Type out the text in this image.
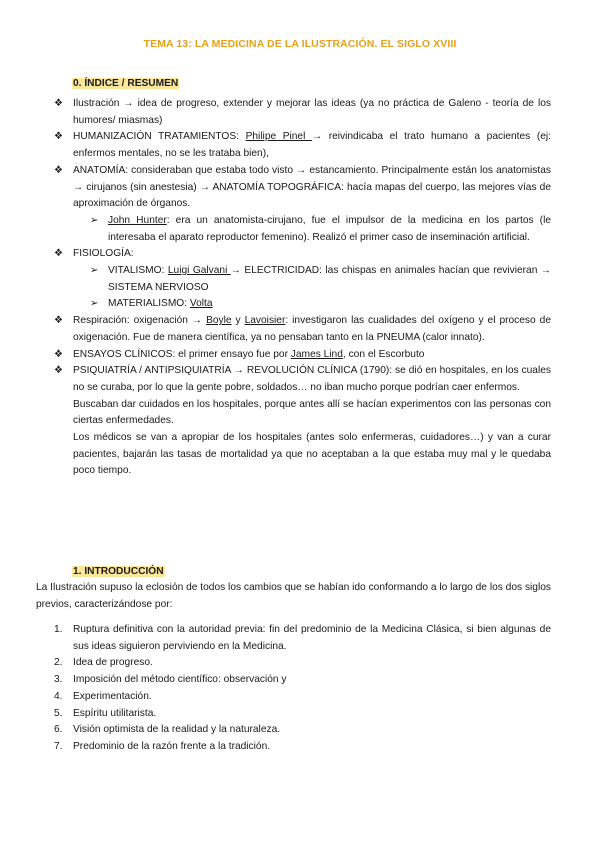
TEMA 13: LA MEDICINA DE LA ILUSTRACIÓN. EL SIGLO XVIII
0. ÍNDICE / RESUMEN
❖ Ilustración → idea de progreso, extender y mejorar las ideas (ya no práctica de Galeno - teoría de los humores/ miasmas)
❖ HUMANIZACIÓN TRATAMIENTOS: Philipe Pinel → reivindicaba el trato humano a pacientes (ej: enfermos mentales, no se les trataba bien),
❖ ANATOMÍA: consideraban que estaba todo visto → estancamiento. Principalmente están los anatomistas → cirujanos (sin anestesia) → ANATOMÍA TOPOGRÁFICA: hacía mapas del cuerpo, las mejores vías de aproximación de órganos.
➢ John Hunter: era un anatomista-cirujano, fue el impulsor de la medicina en los partos (le interesaba el aparato reproductor femenino). Realizó el primer caso de inseminación artificial.
❖ FISIOLOGÍA:
➢ VITALISMO: Luigi Galvani → ELECTRICIDAD: las chispas en animales hacían que revivieran → SISTEMA NERVIOSO
➢ MATERIALISMO: Volta
❖ Respiración: oxigenación → Boyle y Lavoisier: investigaron las cualidades del oxígeno y el proceso de oxigenación. Fue de manera científica, ya no pensaban tanto en la PNEUMA (calor innato).
❖ ENSAYOS CLÍNICOS: el primer ensayo fue por James Lind, con el Escorbuto
❖ PSIQUIATRÍA / ANTIPSIQUIATRÍA → REVOLUCIÓN CLÍNICA (1790): se dió en hospitales, en los cuales no se curaba, por lo que la gente pobre, soldados… no iban mucho porque podrían caer enfermos.
Buscaban dar cuidados en los hospitales, porque antes allí se hacían experimentos con las personas con ciertas enfermedades.
Los médicos se van a apropiar de los hospitales (antes solo enfermeras, cuidadores…) y van a curar pacientes, bajarán las tasas de mortalidad ya que no aceptaban a la que estaba muy mal y le quedaba poco tiempo.
1. INTRODUCCIÓN
La Ilustración supuso la eclosión de todos los cambios que se habían ido conformando a lo largo de los dos siglos previos, caracterizándose por:
1. Ruptura definitiva con la autoridad previa: fin del predominio de la Medicina Clásica, si bien algunas de sus ideas siguieron perviviendo en la Medicina.
2. Idea de progreso.
3. Imposición del método científico: observación y
4. Experimentación.
5. Espíritu utilitarista.
6. Visión optimista de la realidad y la naturaleza.
7. Predominio de la razón frente a la tradición.
